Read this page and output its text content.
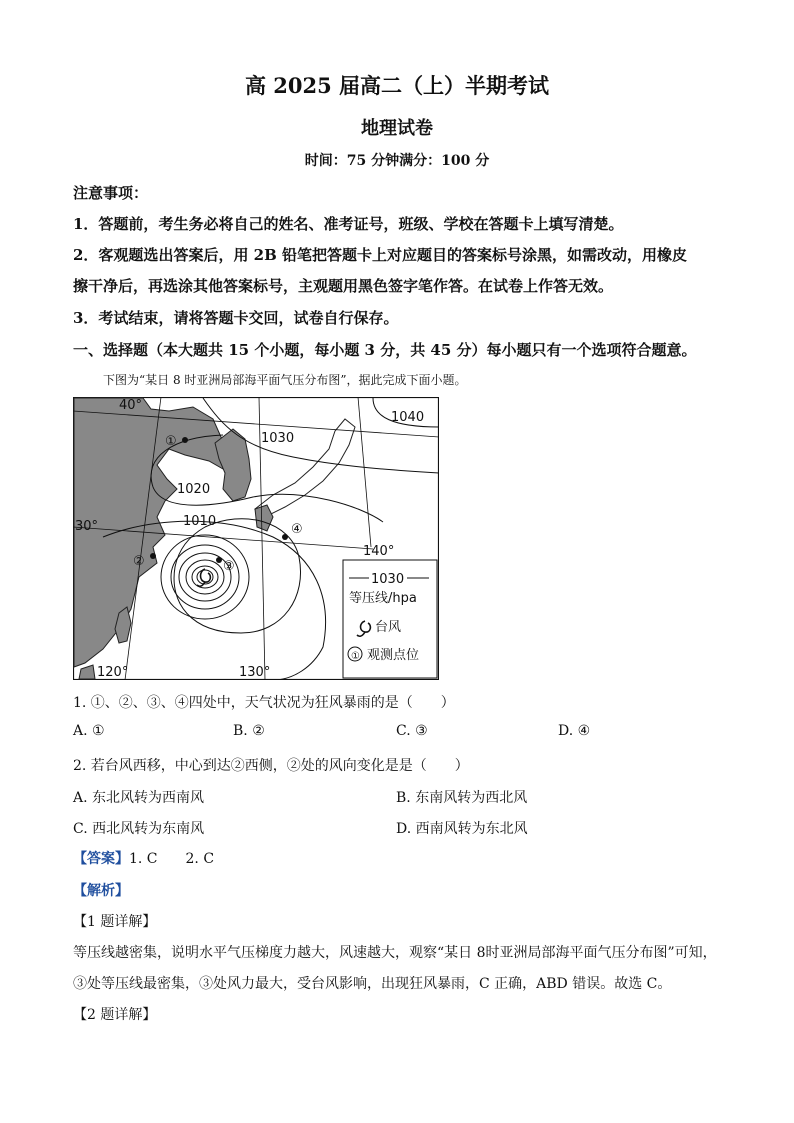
高 2025 届高二（上）半期考试
地理试卷
时间：75 分钟满分：100 分
注意事项：
1．答题前，考生务必将自己的姓名、准考证号，班级、学校在答题卡上填写清楚。
2．客观题选出答案后，用 2B 铅笔把答题卡上对应题目的答案标号涂黑，如需改动，用橡皮
擦干净后，再选涂其他答案标号，主观题用黑色签字笔作答。在试卷上作答无效。
3．考试结束，请将答题卡交回，试卷自行保存。
一、选择题（本大题共 15 个小题，每小题 3 分，共 45 分）每小题只有一个选项符合题意。
下图为“某日 8 时亚洲局部海平面气压分布图”，据此完成下面小题。
40°
30°
140°
120°	130°
1040
1030
1020
1010
①
②	③
④
1030
等压线/hpa
台风
① 观测点位
1. ①、②、③、④四处中，天气状况为狂风暴雨的是（　　）
A. ①	B. ②	C. ③	D. ④
2. 若台风西移，中心到达②西侧，②处的风向变化是是（　　）
A. 东北风转为西南风	B. 东南风转为西北风
C. 西北风转为东南风	D. 西南风转为东北风
【答案】1. C　　2. C
【解析】
【1 题详解】
等压线越密集，说明水平气压梯度力越大，风速越大，观察“某日 8时亚洲局部海平面气压分布图”可知，
③处等压线最密集，③处风力最大，受台风影响，出现狂风暴雨，C 正确，ABD 错误。故选 C。
【2 题详解】
